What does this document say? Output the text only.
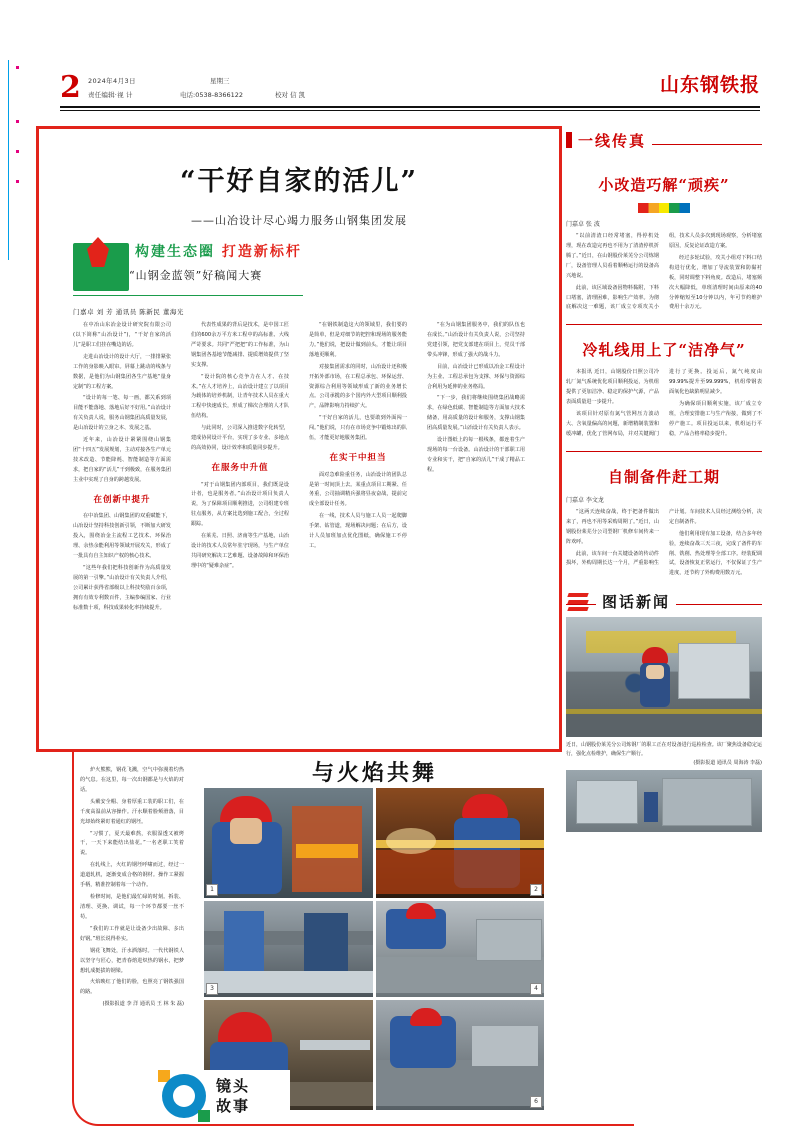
2 2024年4月3日	星期三
责任编辑·视 计	电话:0538-8366122	校对 信 凯	山东钢铁报
“干好自家的活儿”
——山冶设计尽心竭力服务山钢集团发展
构建生态圈 打造新标杆
“山钢金蓝领”好稿闻大赛
门嘉卓 刘 芳 通讯员 陈新民 董海光

在中冶山东冶金设计研究院有限公司(以下简称“山冶设计”)，“干好自家的活儿”是职工们挂在嘴边的话。

走进山冶设计的设计大厅，一排排紧张工作的身影映入眼帘。屏幕上跳动的线条与数据，是他们为山钢集团各生产基地“量身定制”的工程方案。

“设计的每一笔、每一画，都关系到项目能不能落地、落地后好不好用。”山冶设计有关负责人说，服务山钢集团高质量发展，是山冶设计的立身之本、发展之基。

近年来，山冶设计紧紧围绕山钢集团“十四五”发展规划，主动对接各生产单元技术改造、节能降耗、智能制造等方面需求，把自家的“活儿”干到极致，在服务集团主业中实现了自身的跨越发展。

在创新中提升

在中冶集团、山钢集团的双重赋能下，山冶设计坚持科技创新引领，不断加大研发投入，围绕冶金主流程工艺技术、环保治理、余热余能利用等领域开展攻关，形成了一批具有自主知识产权的核心技术。

“这些年我们把科技创新作为高质量发展的第一引擎。”山冶设计有关负责人介绍，公司累计获得省部级以上科技奖励百余项，拥有有效专利数百件，主编参编国家、行业标准数十项，科技成果转化率持续提升。

代表性成果的背后是技术，是中国工匠们的600余万平方米工程中的高标准、大线严苛要求。共同“严把把”的工作标准，为山钢集团各基地节能减排、提质增效提供了坚实支撑。

“设计院的核心竞争力在人才、在技术。”在人才培养上，山冶设计建立了以项目为载体的培养机制，让青年技术人员在重大工程中快速成长，形成了梯次合理的人才队伍结构。

与此同时，公司深入推进数字化转型，建成协同设计平台，实现了多专业、多地点的高效协同，设计效率和质量同步提升。

在服务中升值

“对于山钢集团内部项目，我们既是设计者，也是服务者。”山冶设计项目负责人说，为了保障项目顺利推进，公司组建专班驻点服务，从方案比选到施工配合，全过程跟踪。

在莱芜、日照、济南等生产基地，山冶设计的技术人员常年驻守现场，与生产单位共同研究解决工艺难题、设备故障和环保治理中的“疑难杂症”。

“在钢铁制造这大的领域里，我们要的是简单，但是对细节的把控和现场的服务能力。”他们说，把设计做到前头，才能让项目落地更顺利。

对接集团需求的同时，山冶设计还积极开拓外部市场，在工程总承包、环保运营、资源综合利用等领域形成了新的业务增长点。公司承揽的多个国内外大型项目顺利投产，品牌影响力持续扩大。

“干好自家的活儿，也要敢到外面闯一闯。”他们说，只有在市场竞争中锻炼出的队伍，才能更好地服务集团。

在实干中担当

面对急难险重任务，山冶设计的团队总是第一时间顶上去。某重点项目工期紧、任务重，公司抽调精兵强将昼夜奋战，提前完成全部设计任务。

在一线，技术人员与施工人员一起爬脚手架、钻管道，现场解决问题；在后方，设计人员加班加点优化图纸，确保施工不停工。

“在为山钢集团服务中，我们的队伍也在成长。”山冶设计有关负责人说，公司坚持党建引领，把党支部建在项目上，党员干部带头冲锋，形成了强大的战斗力。

目前，山冶设计已形成以冶金工程设计为主业、工程总承包为支撑、环保与资源综合利用为延伸的业务格局。

“下一步，我们将继续围绕集团战略需求，在绿色低碳、智能制造等方面加大技术储备，用高质量的设计和服务，支撑山钢集团高质量发展。”山冶设计有关负责人表示。

设计图纸上的每一根线条，都连着生产现场的每一台设备。山冶设计的干部职工用专业和实干，把“自家的活儿”干成了精品工程。

一线传真
小改造巧解“顽疾”
门嘉卓 张 波

“以前清渣口经常堵塞，得停机处理，现在改造完再也不用为了清渣停机折腾了。”近日，在山钢股份莱芜分公司炼钢厂，设备管理人员看着顺畅运行的设备高兴地说。

此前，该区域设备因物料黏附，下料口堵塞，清理困难，影响生产效率。为彻底解决这一难题，该厂成立专项攻关小组，技术人员多次到现场观察，分析堵塞原因，反复论证改造方案。

经过多轮试验，攻关小组对下料口结构进行优化，增加了导流装置和防黏衬板，同时调整下料角度。改造后，堵塞频次大幅降低，单班清理时间由原来的40分钟缩短至10分钟以内，年可节约维护费用十余万元。

冷轧线用上了“洁净气”

本报讯 近日，山钢股份日照公司冷轧厂氮气系统优化项目顺利投运，为机组提供了更加洁净、稳定的保护气源，产品表面质量进一步提升。

该项目针对原有氮气管网压力波动大、含氧量偏高的问题，新增精制装置和缓冲罐，优化了管网布局，并对关键阀门进行了更换。投运后，氮气纯度由99.99%提升至99.999%，机组带钢表面氧化色缺陷明显减少。

为确保项目顺利实施，该厂成立专班，合理安排施工与生产衔接，做到了不停产施工。项目投运以来，机组运行平稳，产品合格率稳步提升。

自制备件赶工期
门嘉卓 李文龙

“这两天连续奋战，终于把备件做出来了，再也不用等采购周期了。”近日，山钢股份莱芜分公司型钢厂机修车间传来一阵欢呼。

此前，该车间一台关键设备的传动件损坏，外购周期长达一个月，严重影响生产计划。车间技术人员经过测绘分析，决定自制备件。

他们利用现有加工设备，结合多年经验，连续奋战三天三夜，完成了备件的车削、铣削、热处理等全部工序。经装配调试，设备恢复正常运行，不仅保证了生产进度，还节约了外购费用数万元。

图话新闻
近日，山钢股份莱芜分公司炼钢厂的职工正在对设备进行巡检检查。该厂聚焦设备稳定运行，强化点检维护，确保生产顺行。
(摄影报道 通讯员 周海涛 李磊)
与火焰共舞

炉火熊熊，钢花飞溅，空气中弥漫着灼热的气息。在这里，每一次出钢都是与火焰的对话。

头戴安全帽、身着厚重工装的职工们，在千度高温前从容操作。汗水顺着脸颊滑落，目光却始终紧盯着通红的钢坯。

“习惯了，夏天最难熬，衣服湿透又被烤干，一天下来能结出盐花。”一名老职工笑着说。

在轧线上，火红的钢坯呼啸而过，经过一道道轧机，逐渐变成合格的钢材。操作工紧握手柄，精准控制着每一个动作。

检修时间，是他们最忙碌的时刻。拆装、清理、更换、调试，每一个环节都要一丝不苟。

“我们的工作就是让设备少出故障、多出好钢。”班长说得朴实。

钢花飞舞处，汗水洒落时。一代代钢铁人以坚守与匠心，把青春熔进炽热的钢水，把梦想轧成挺拔的钢梁。

火焰映红了他们的脸，也照亮了钢铁强国的路。

(摄影报道 李 洋 通讯员 王 林 朱 磊)

1	2
3	4
6
镜头
故事
